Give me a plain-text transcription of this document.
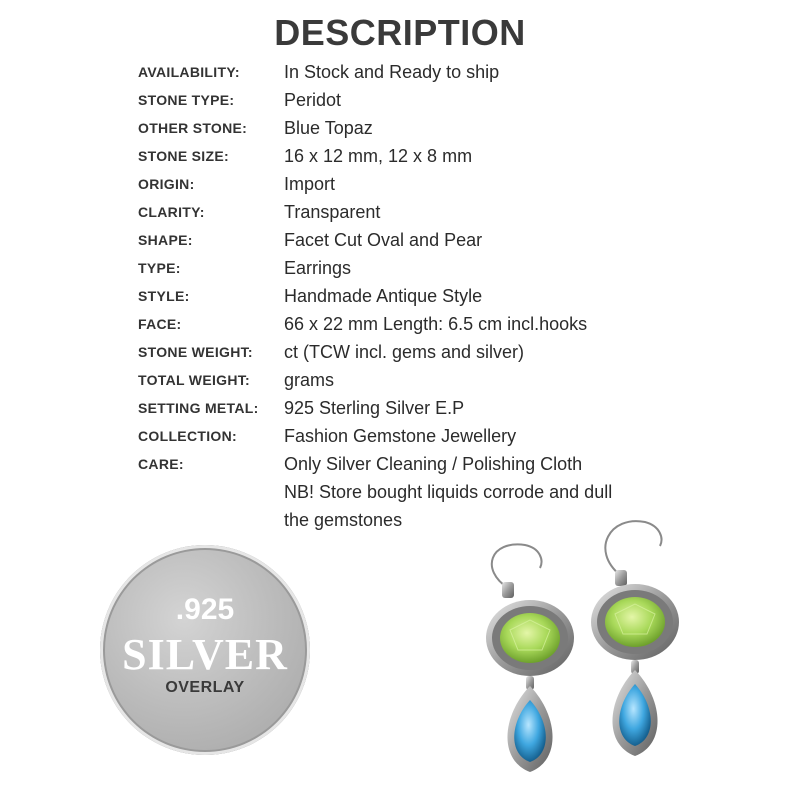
DESCRIPTION
AVAILABILITY: In Stock and Ready to ship
STONE TYPE:	Peridot
OTHER STONE: Blue Topaz
STONE SIZE:	16 x 12 mm, 12 x 8 mm
ORIGIN:	Import
CLARITY:	Transparent
SHAPE:	Facet Cut Oval and Pear
TYPE:	Earrings
STYLE:	Handmade Antique Style
FACE:	66 x 22 mm Length: 6.5 cm incl.hooks
STONE WEIGHT: ct (TCW incl. gems and silver)
TOTAL WEIGHT: grams
SETTING METAL: 925 Sterling Silver E.P
COLLECTION:	Fashion Gemstone Jewellery
CARE:	Only Silver Cleaning / Polishing Cloth
NB! Store bought liquids corrode and dull
the gemstones
.925
SILVER
OVERLAY
